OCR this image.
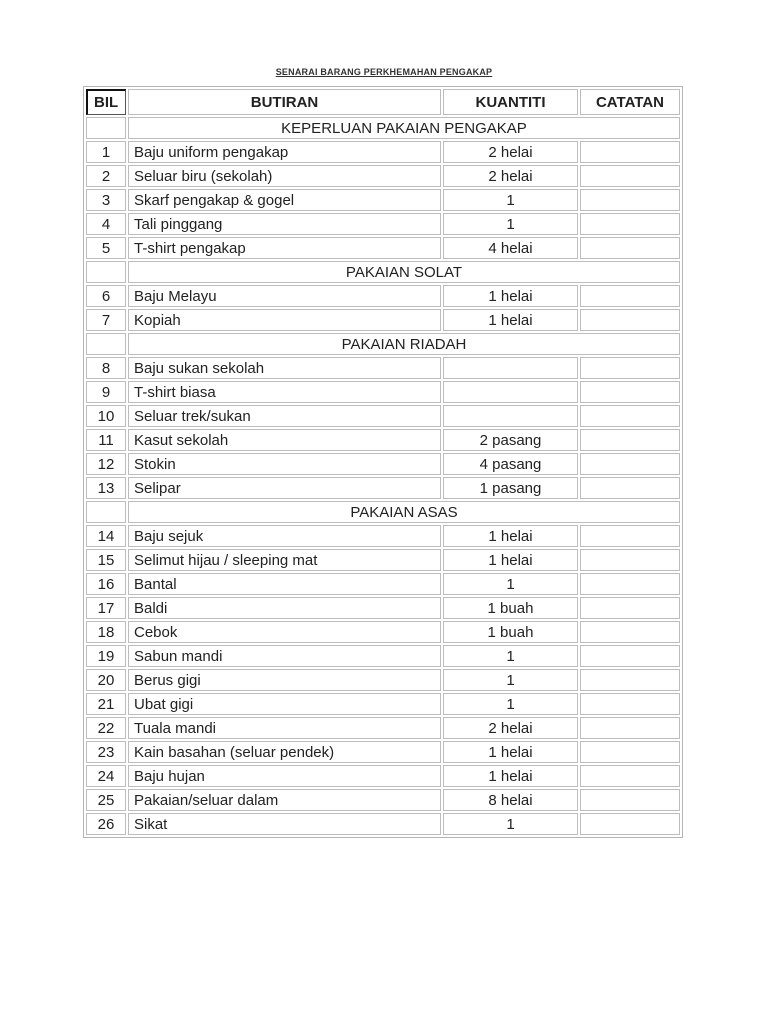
SENARAI BARANG PERKHEMAHAN PENGAKAP
BIL	BUTIRAN	KUANTITI	CATATAN
	KEPERLUAN PAKAIAN PENGAKAP		
1	Baju uniform pengakap	2 helai	
2	Seluar biru (sekolah)	2 helai	
3	Skarf pengakap & gogel	1	
4	Tali pinggang	1	
5	T-shirt pengakap	4 helai	
	PAKAIAN SOLAT		
6	Baju Melayu	1 helai	
7	Kopiah	1 helai	
	PAKAIAN RIADAH		
8	Baju sukan sekolah		
9	T-shirt biasa		
10	Seluar trek/sukan		
11	Kasut sekolah	2 pasang	
12	Stokin	4 pasang	
13	Selipar	1 pasang	
	PAKAIAN ASAS		
14	Baju sejuk	1 helai	
15	Selimut hijau / sleeping mat	1 helai	
16	Bantal	1	
17	Baldi	1 buah	
18	Cebok	1 buah	
19	Sabun mandi	1	
20	Berus gigi	1	
21	Ubat gigi	1	
22	Tuala mandi	2 helai	
23	Kain basahan (seluar pendek)	1 helai	
24	Baju hujan	1 helai	
25	Pakaian/seluar dalam	8 helai	
26	Sikat	1	
